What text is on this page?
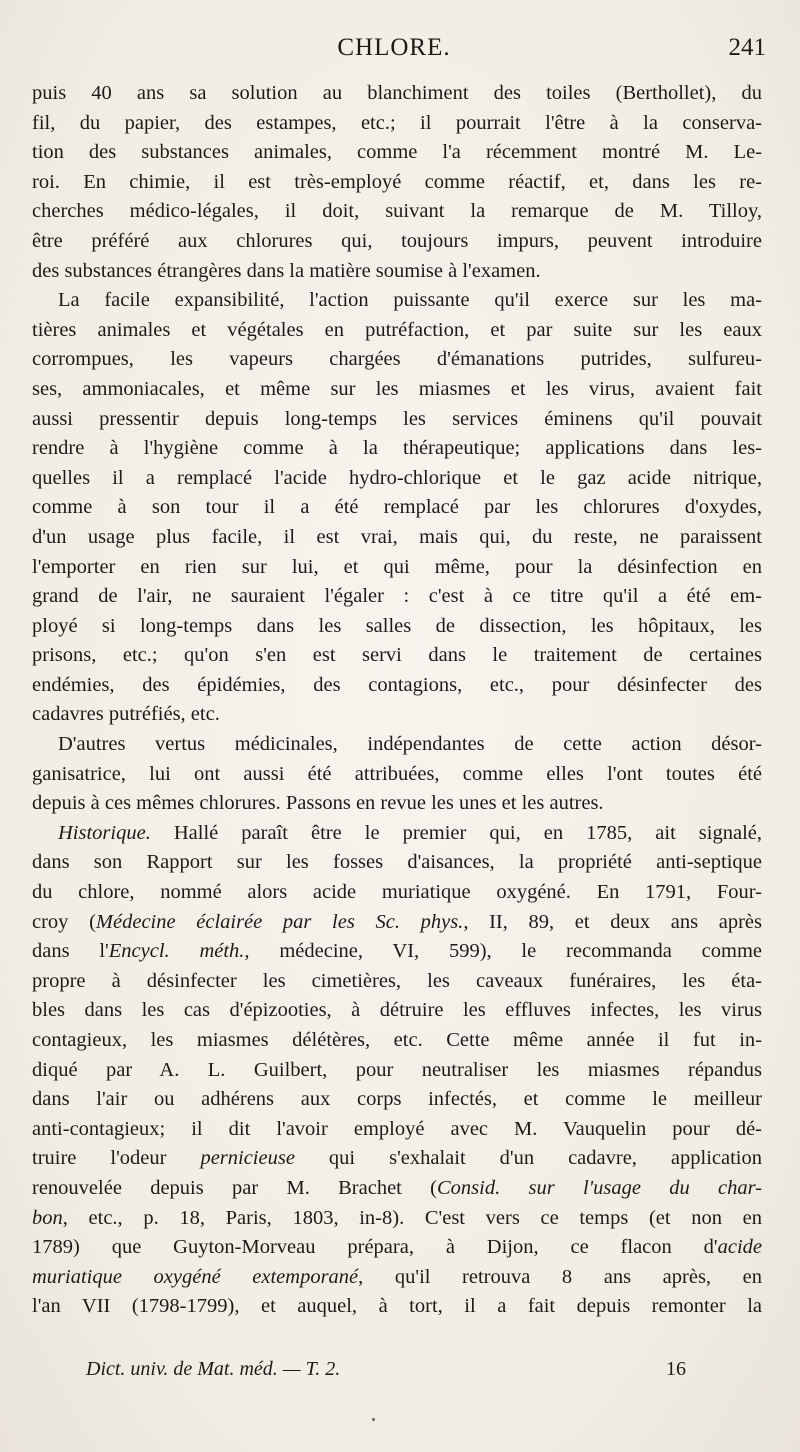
CHLORE.	241

puis 40 ans sa solution au blanchiment des toiles (Berthollet), du
fil, du papier, des estampes, etc.; il pourrait l'être à la conserva-
tion des substances animales, comme l'a récemment montré M. Le-
roi. En chimie, il est très-employé comme réactif, et, dans les re-
cherches médico-légales, il doit, suivant la remarque de M. Tilloy,
être préféré aux chlorures qui, toujours impurs, peuvent introduire
des substances étrangères dans la matière soumise à l'examen.

La facile expansibilité, l'action puissante qu'il exerce sur les ma-
tières animales et végétales en putréfaction, et par suite sur les eaux
corrompues, les vapeurs chargées d'émanations putrides, sulfureu-
ses, ammoniacales, et même sur les miasmes et les virus, avaient fait
aussi pressentir depuis long-temps les services éminens qu'il pouvait
rendre à l'hygiène comme à la thérapeutique; applications dans les-
quelles il a remplacé l'acide hydro-chlorique et le gaz acide nitrique,
comme à son tour il a été remplacé par les chlorures d'oxydes,
d'un usage plus facile, il est vrai, mais qui, du reste, ne paraissent
l'emporter en rien sur lui, et qui même, pour la désinfection en
grand de l'air, ne sauraient l'égaler : c'est à ce titre qu'il a été em-
ployé si long-temps dans les salles de dissection, les hôpitaux, les
prisons, etc.; qu'on s'en est servi dans le traitement de certaines
endémies, des épidémies, des contagions, etc., pour désinfecter des
cadavres putréfiés, etc.

D'autres vertus médicinales, indépendantes de cette action désor-
ganisatrice, lui ont aussi été attribuées, comme elles l'ont toutes été
depuis à ces mêmes chlorures. Passons en revue les unes et les autres.

Historique. Hallé paraît être le premier qui, en 1785, ait signalé,
dans son Rapport sur les fosses d'aisances, la propriété anti-septique
du chlore, nommé alors acide muriatique oxygéné. En 1791, Four-
croy (Médecine éclairée par les Sc. phys., II, 89, et deux ans après
dans l'Encycl. méth., médecine, VI, 599), le recommanda comme
propre à désinfecter les cimetières, les caveaux funéraires, les éta-
bles dans les cas d'épizooties, à détruire les effluves infectes, les virus
contagieux, les miasmes délétères, etc. Cette même année il fut in-
diqué par A. L. Guilbert, pour neutraliser les miasmes répandus
dans l'air ou adhérens aux corps infectés, et comme le meilleur
anti-contagieux; il dit l'avoir employé avec M. Vauquelin pour dé-
truire l'odeur pernicieuse qui s'exhalait d'un cadavre, application
renouvelée depuis par M. Brachet (Consid. sur l'usage du char-
bon, etc., p. 18, Paris, 1803, in-8). C'est vers ce temps (et non en
1789) que Guyton-Morveau prépara, à Dijon, ce flacon d'acide
muriatique oxygéné extemporané, qu'il retrouva 8 ans après, en
l'an VII (1798-1799), et auquel, à tort, il a fait depuis remonter la

Dict. univ. de Mat. méd. — T. 2.	16
